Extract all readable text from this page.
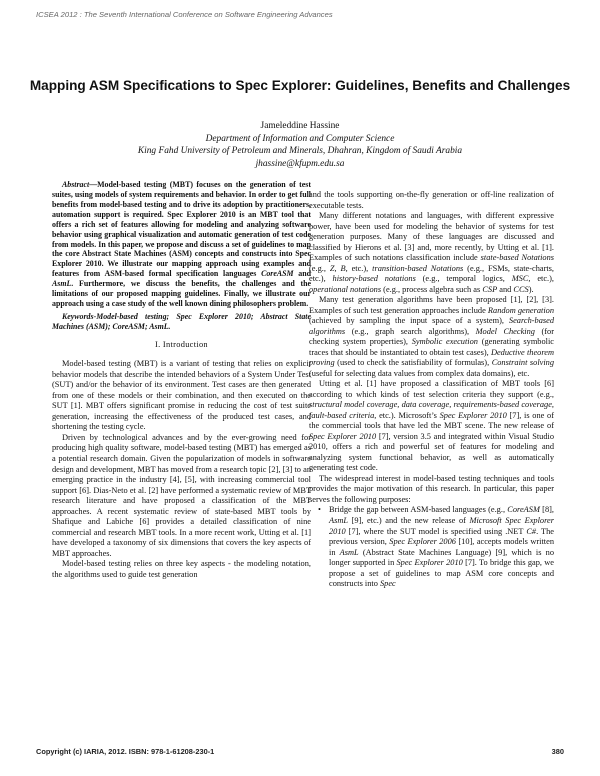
ICSEA 2012 : The Seventh International Conference on Software Engineering Advances
Mapping ASM Specifications to Spec Explorer: Guidelines, Benefits and Challenges
Jameleddine Hassine
Department of Information and Computer Science
King Fahd University of Petroleum and Minerals, Dhahran, Kingdom of Saudi Arabia
jhassine@kfupm.edu.sa

Abstract—Model-based testing (MBT) focuses on the generation of test suites, using models of system requirements and behavior. In order to get full benefits from model-based testing and to drive its adoption by practitioners, automation support is required. Spec Explorer 2010 is an MBT tool that offers a rich set of features allowing for modeling and analyzing software behavior using graphical visualization and automatic generation of test code from models. In this paper, we propose and discuss a set of guidelines to map the core Abstract State Machines (ASM) concepts and constructs into Spec Explorer 2010. We illustrate our mapping approach using examples and features from ASM-based formal specification languages CoreASM and AsmL. Furthermore, we discuss the benefits, the challenges and the limitations of our proposed mapping guidelines. Finally, we illustrate our approach using a case study of the well known dining philosophers problem.

Keywords-Model-based testing; Spec Explorer 2010; Abstract State Machines (ASM); CoreASM; AsmL.

I. Introduction

Model-based testing (MBT) is a variant of testing that relies on explicit behavior models that describe the intended behaviors of a System Under Test (SUT) and/or the behavior of its environment. Test cases are then generated from one of these models or their combination, and then executed on the SUT [1]. MBT offers significant promise in reducing the cost of test suite generation, increasing the effectiveness of the produced test cases, and shortening the testing cycle.

Driven by technological advances and by the ever-growing need for producing high quality software, model-based testing (MBT) has emerged as a potential research domain. Given the popularization of models in software design and development, MBT has moved from a research topic [2], [3] to an emerging practice in the industry [4], [5], with increasing commercial tool support [6]. Dias-Neto et al. [2] have performed a systematic review of MBT research literature and have proposed a classification of the MBT approaches. A recent systematic review of state-based MBT tools by Shafique and Labiche [6] provides a detailed classification of nine commercial and research MBT tools. In a more recent work, Utting et al. [1] have developed a taxonomy of six dimensions that covers the key aspects of MBT approaches.

Model-based testing relies on three key aspects - the modeling notation, the algorithms used to guide test generation

and the tools supporting on-the-fly generation or off-line realization of executable tests.

Many different notations and languages, with different expressive power, have been used for modeling the behavior of systems for test generation purposes. Many of these languages are discussed and classified by Hierons et al. [3] and, more recently, by Utting et al. [1]. Examples of such notations classification include state-based Notations (e.g., Z, B, etc.), transition-based Notations (e.g., FSMs, state-charts, etc.), history-based notations (e.g., temporal logics, MSC, etc.), operational notations (e.g., process algebra such as CSP and CCS).

Many test generation algorithms have been proposed [1], [2], [3]. Examples of such test generation approaches include Random generation (achieved by sampling the input space of a system), Search-based algorithms (e.g., graph search algorithms), Model Checking (for checking system properties), Symbolic execution (generating symbolic traces that should be instantiated to obtain test cases), Deductive theorem proving (used to check the satisfiability of formulas), Constraint solving (useful for selecting data values from complex data domains), etc.

Utting et al. [1] have proposed a classification of MBT tools [6] according to which kinds of test selection criteria they support (e.g., structural model coverage, data coverage, requirements-based coverage, fault-based criteria, etc.). Microsoft’s Spec Explorer 2010 [7], is one of the commercial tools that have led the MBT scene. The new release of Spec Explorer 2010 [7], version 3.5 and integrated within Visual Studio 2010, offers a rich and powerful set of features for modeling and analyzing system functional behavior, as well as automatically generating test code.

The widespread interest in model-based testing techniques and tools provides the major motivation of this research. In particular, this paper serves the following purposes:

• Bridge the gap between ASM-based languages (e.g., CoreASM [8], AsmL [9], etc.) and the new release of Microsoft Spec Explorer 2010 [7], where the SUT model is specified using .NET C#. The previous version, Spec Explorer 2006 [10], accepts models written in AsmL (Abstract State Machines Language) [9], which is no longer supported in Spec Explorer 2010 [7]. To bridge this gap, we propose a set of guidelines to map ASM core concepts and constructs into Spec
Copyright (c) IARIA, 2012. ISBN: 978-1-61208-230-1	380
